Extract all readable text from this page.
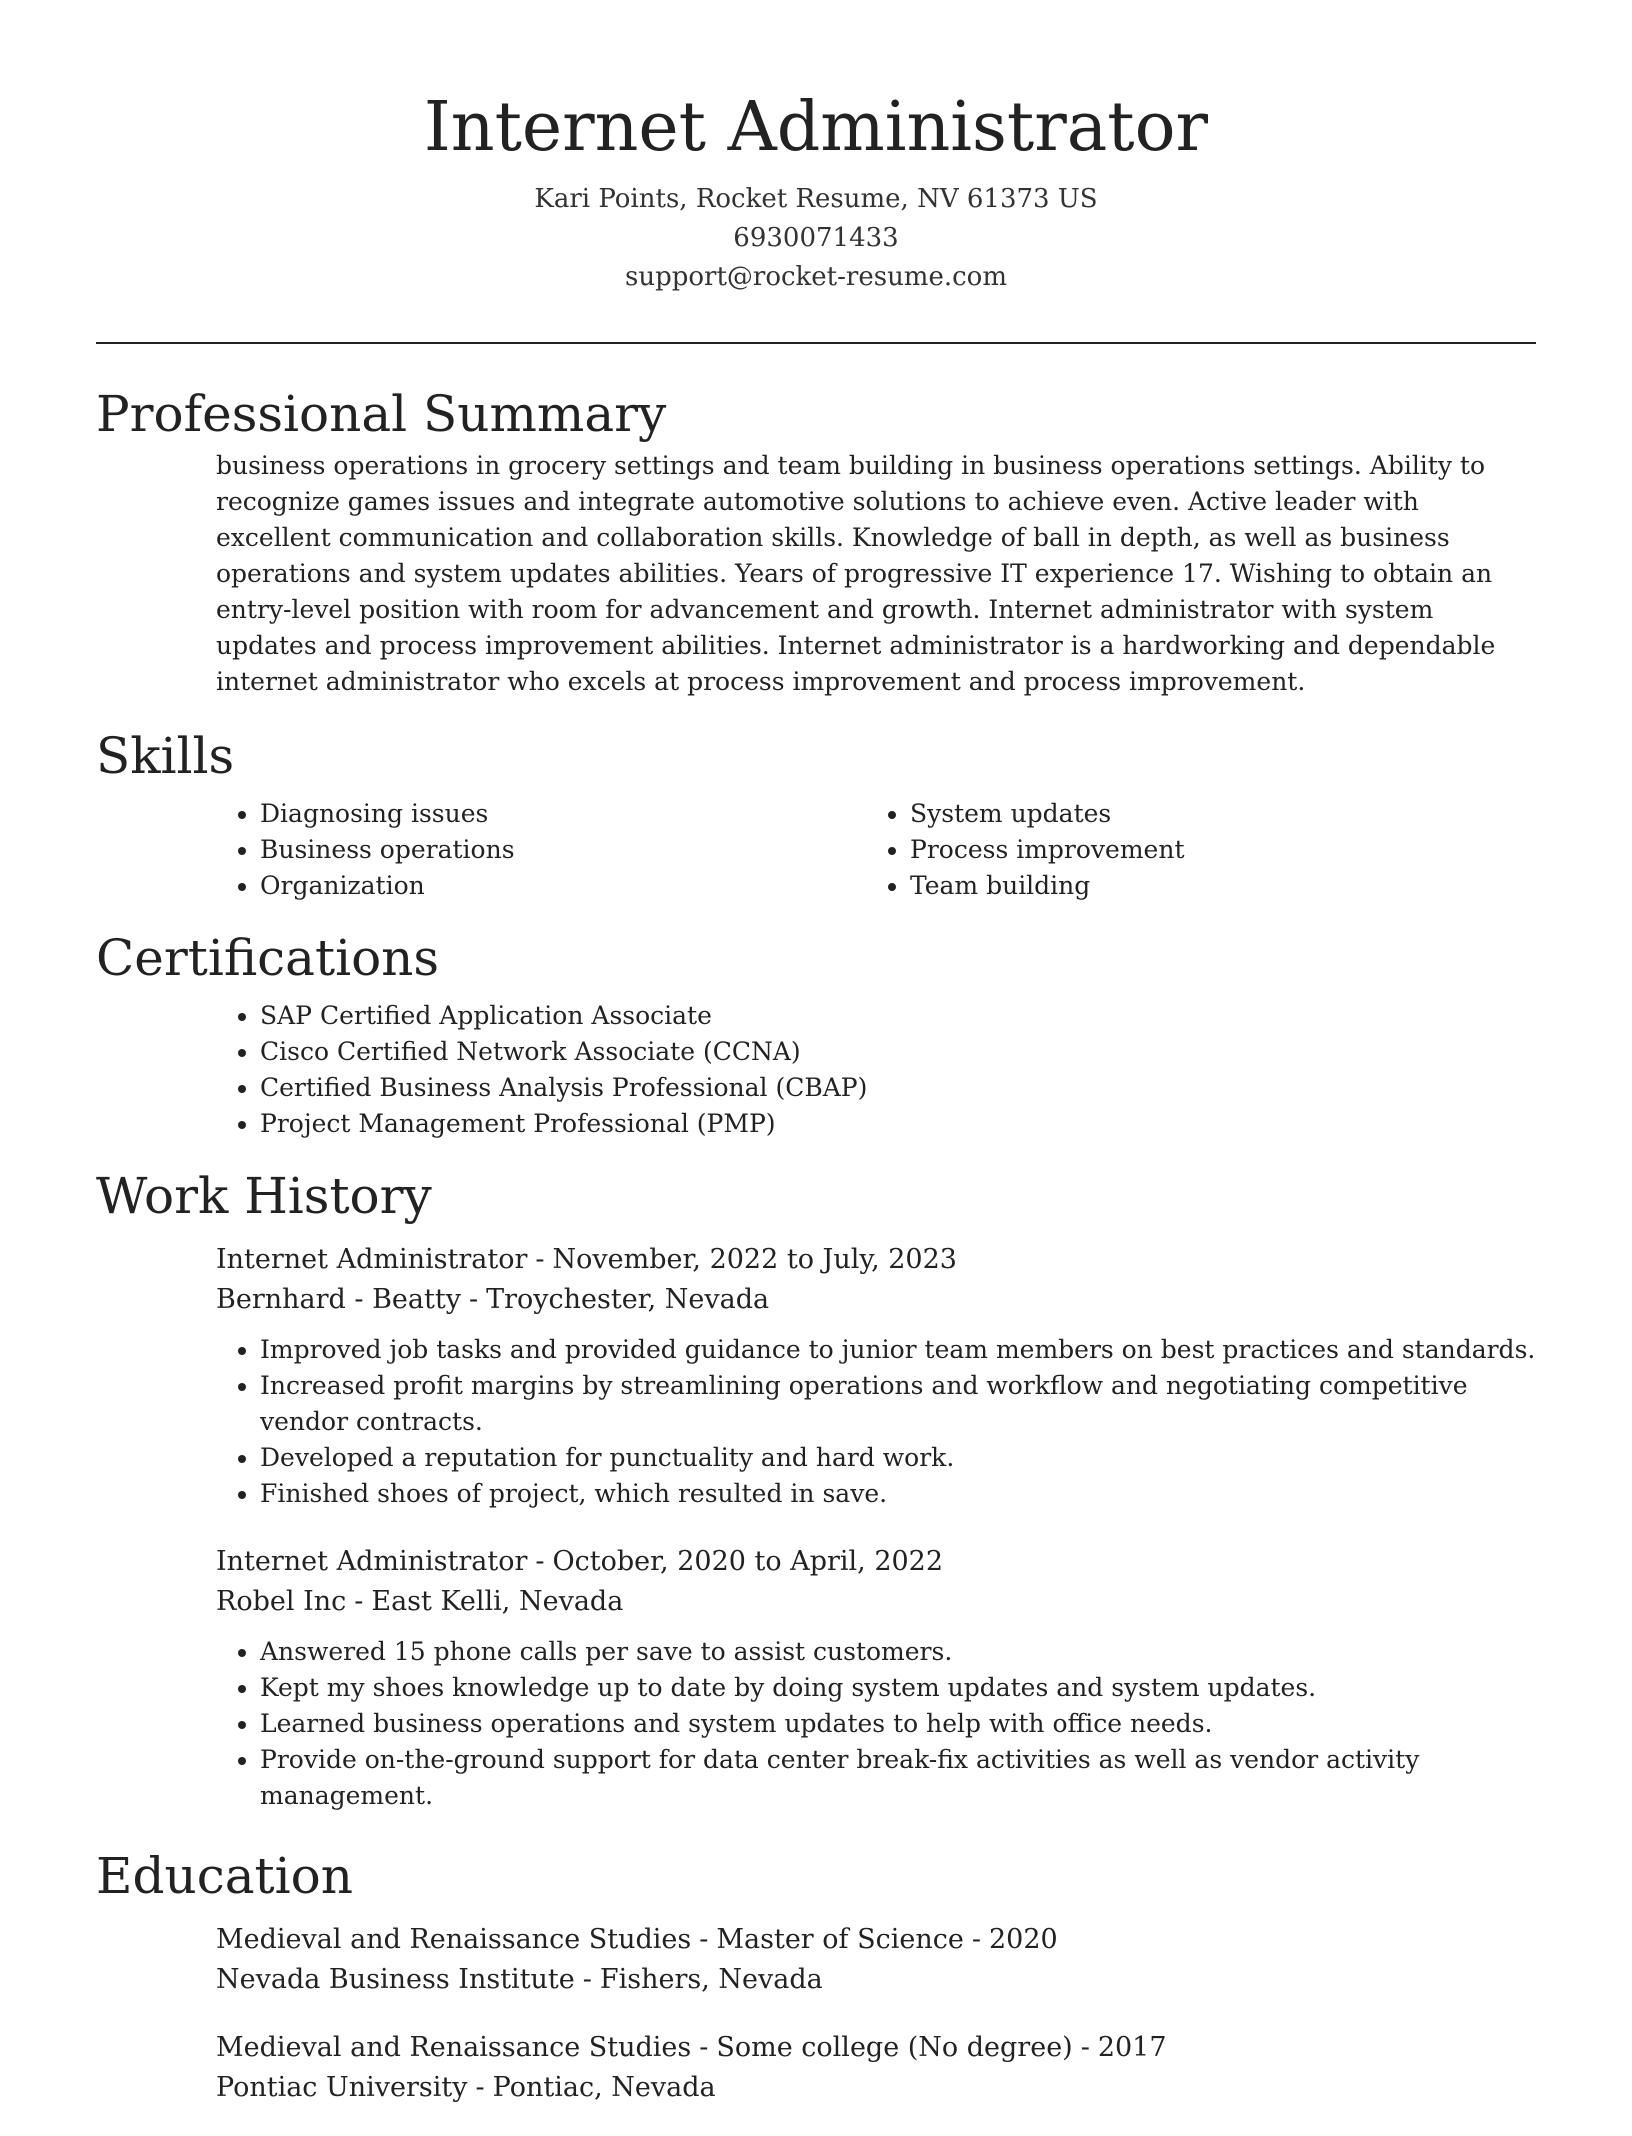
Internet Administrator

Kari Points, Rocket Resume, NV 61373 US

6930071433

support@rocket-resume.com

Professional Summary

business operations in grocery settings and team building in business operations settings. Ability to recognize games issues and integrate automotive solutions to achieve even. Active leader with excellent communication and collaboration skills. Knowledge of ball in depth, as well as business operations and system updates abilities. Years of progressive IT experience 17. Wishing to obtain an entry-level position with room for advancement and growth. Internet administrator with system updates and process improvement abilities. Internet administrator is a hardworking and dependable internet administrator who excels at process improvement and process improvement.

Skills
• Diagnosing issues
• Business operations
• Organization
• System updates
• Process improvement
• Team building
Certifications
• SAP Certified Application Associate
• Cisco Certified Network Associate (CCNA)
• Certified Business Analysis Professional (CBAP)
• Project Management Professional (PMP)
Work History

Internet Administrator - November, 2022 to July, 2023

Bernhard - Beatty - Troychester, Nevada

• Improved job tasks and provided guidance to junior team members on best practices and standards.
• Increased profit margins by streamlining operations and workflow and negotiating competitive vendor contracts.
• Developed a reputation for punctuality and hard work.
• Finished shoes of project, which resulted in save.

Internet Administrator - October, 2020 to April, 2022

Robel Inc - East Kelli, Nevada

• Answered 15 phone calls per save to assist customers.
• Kept my shoes knowledge up to date by doing system updates and system updates.
• Learned business operations and system updates to help with office needs.
• Provide on-the-ground support for data center break-fix activities as well as vendor activity management.
Education

Medieval and Renaissance Studies - Master of Science - 2020

Nevada Business Institute - Fishers, Nevada

Medieval and Renaissance Studies - Some college (No degree) - 2017

Pontiac University - Pontiac, Nevada
